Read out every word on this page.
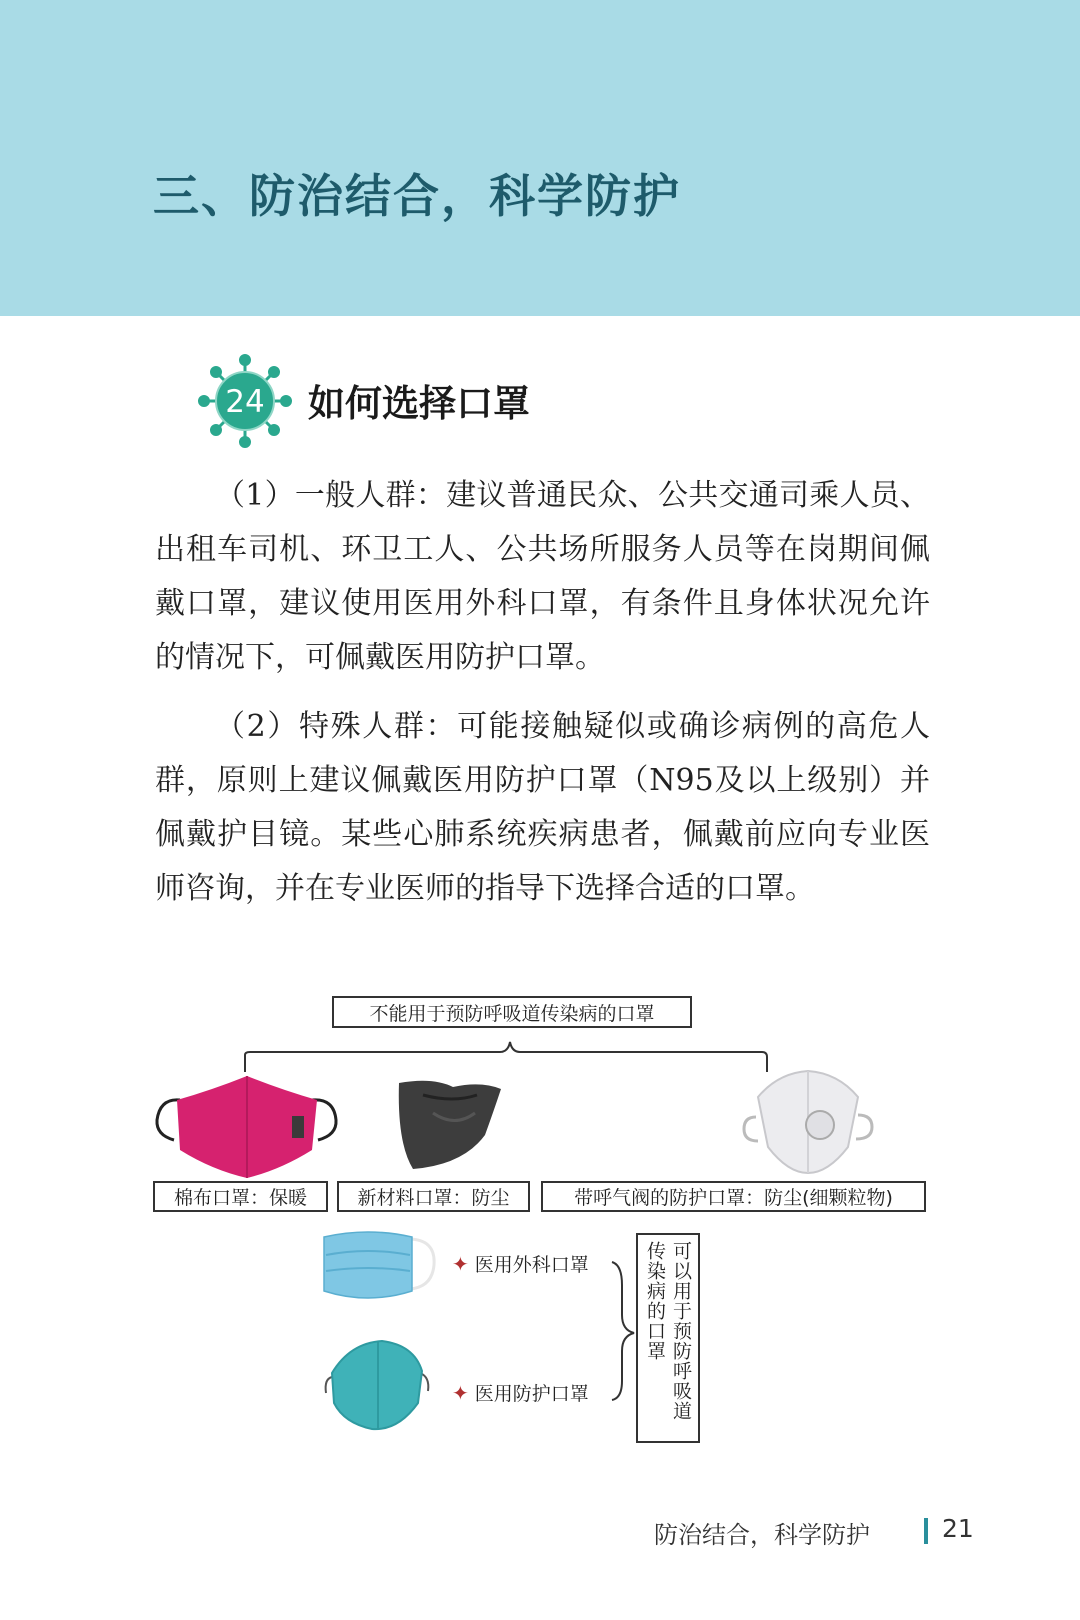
三、防治结合，科学防护
24 如何选择口罩

（1）一般人群：建议普通民众、公共交通司乘人员、出租车司机、环卫工人、公共场所服务人员等在岗期间佩戴口罩，建议使用医用外科口罩，有条件且身体状况允许的情况下，可佩戴医用防护口罩。

（2）特殊人群：可能接触疑似或确诊病例的高危人群，原则上建议佩戴医用防护口罩（N95及以上级别）并佩戴护目镜。某些心肺系统疾病患者，佩戴前应向专业医师咨询，并在专业医师的指导下选择合适的口罩。

不能用于预防呼吸道传染病的口罩
棉布口罩：保暖	新材料口罩：防尘	带呼气阀的防护口罩：防尘(细颗粒物)
✦ 医用外科口罩
✦ 医用防护口罩	可以用于预防呼吸道
传染病的口罩
防治结合，科学防护	21
